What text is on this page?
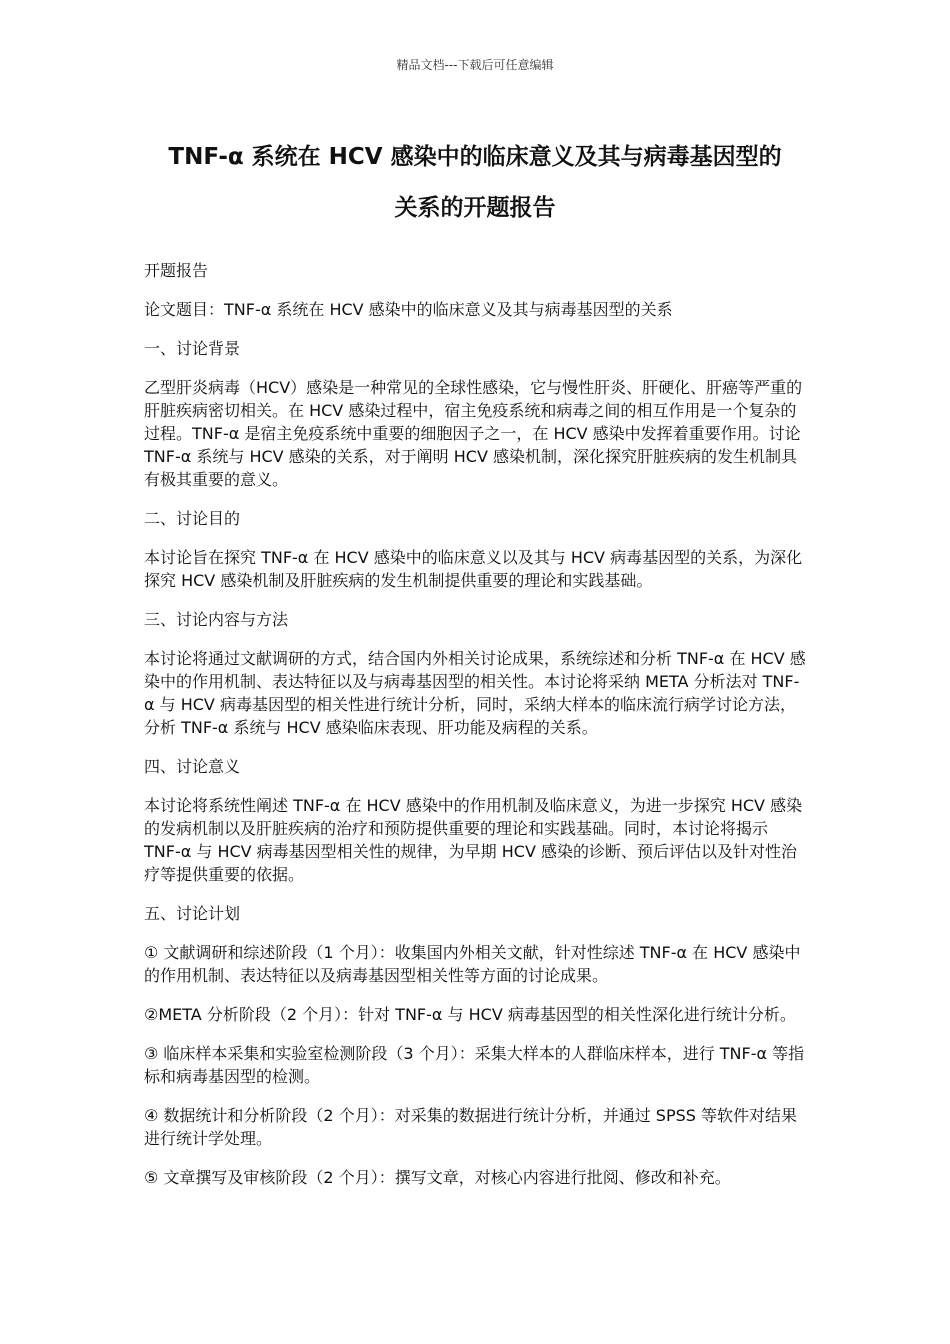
精品文档---下载后可任意编辑
TNF-α 系统在 HCV 感染中的临床意义及其与病毒基因型的
关系的开题报告

开题报告

论文题目：TNF-α 系统在 HCV 感染中的临床意义及其与病毒基因型的关系

一、讨论背景

乙型肝炎病毒（HCV）感染是一种常见的全球性感染，它与慢性肝炎、肝硬化、肝癌等严重的肝脏疾病密切相关。在 HCV 感染过程中，宿主免疫系统和病毒之间的相互作用是一个复杂的过程。TNF-α 是宿主免疫系统中重要的细胞因子之一，在 HCV 感染中发挥着重要作用。讨论 TNF-α 系统与 HCV 感染的关系，对于阐明 HCV 感染机制，深化探究肝脏疾病的发生机制具有极其重要的意义。

二、讨论目的

本讨论旨在探究 TNF-α 在 HCV 感染中的临床意义以及其与 HCV 病毒基因型的关系，为深化探究 HCV 感染机制及肝脏疾病的发生机制提供重要的理论和实践基础。

三、讨论内容与方法

本讨论将通过文献调研的方式，结合国内外相关讨论成果，系统综述和分析 TNF-α 在 HCV 感染中的作用机制、表达特征以及与病毒基因型的相关性。本讨论将采纳 META 分析法对 TNF-α 与 HCV 病毒基因型的相关性进行统计分析，同时，采纳大样本的临床流行病学讨论方法，分析 TNF-α 系统与 HCV 感染临床表现、肝功能及病程的关系。

四、讨论意义

本讨论将系统性阐述 TNF-α 在 HCV 感染中的作用机制及临床意义，为进一步探究 HCV 感染的发病机制以及肝脏疾病的治疗和预防提供重要的理论和实践基础。同时，本讨论将揭示 TNF-α 与 HCV 病毒基因型相关性的规律，为早期 HCV 感染的诊断、预后评估以及针对性治疗等提供重要的依据。

五、讨论计划

① 文献调研和综述阶段（1 个月）：收集国内外相关文献，针对性综述 TNF-α 在 HCV 感染中的作用机制、表达特征以及病毒基因型相关性等方面的讨论成果。

②META 分析阶段（2 个月）：针对 TNF-α 与 HCV 病毒基因型的相关性深化进行统计分析。

③ 临床样本采集和实验室检测阶段（3 个月）：采集大样本的人群临床样本，进行 TNF-α 等指标和病毒基因型的检测。

④ 数据统计和分析阶段（2 个月）：对采集的数据进行统计分析，并通过 SPSS 等软件对结果进行统计学处理。

⑤ 文章撰写及审核阶段（2 个月）：撰写文章，对核心内容进行批阅、修改和补充。
